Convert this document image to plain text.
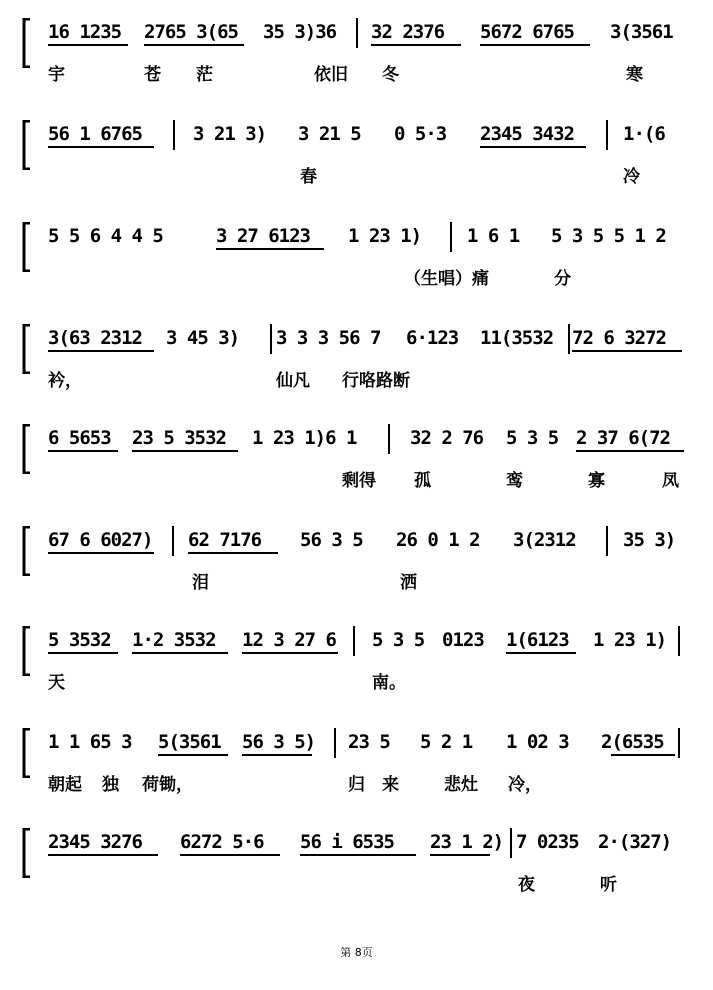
16 1235 2765 3(65 35 3)36 32 2376 5672 6765 3(3561
宇	苍 茫	依旧 冬	寒
56 1 6765	3 21 3) 3 21 5 0 5·3 2345 3432	1·(6
春	冷
5 5 6 4 4 5	3 27 6123 1 23 1) 1 6 1 5 3 5 5 1 2
（生唱）痛	分
3(63 2312 3 45 3) 3 3 3 56 7 6·123 11(3532 72 6 3272
衿，	仙凡 行咯路断
6 5653 23 5 3532 1 23 1)6 1	32 2 76 5 3 5 2 37 6(72
剩得 孤	鸾	寡	凤
67 6 6027) 62 7176 56 3 5 26 0 1 2 3(2312 35 3)
泪	洒
5 3532 1·2 3532 12 3 27 6 5 3 5 0123 1(6123 1 23 1)
天	南。
1 1 65 3 5(3561 56 3 5) 23 5 5 2 1 1 02 3 2(6535
朝起 独 荷锄，	归 来	悲灶 冷，
2345 3276 6272 5·6 56 i 6535 23 1 2) 7 0235 2·(327)
夜	听
第 8页
